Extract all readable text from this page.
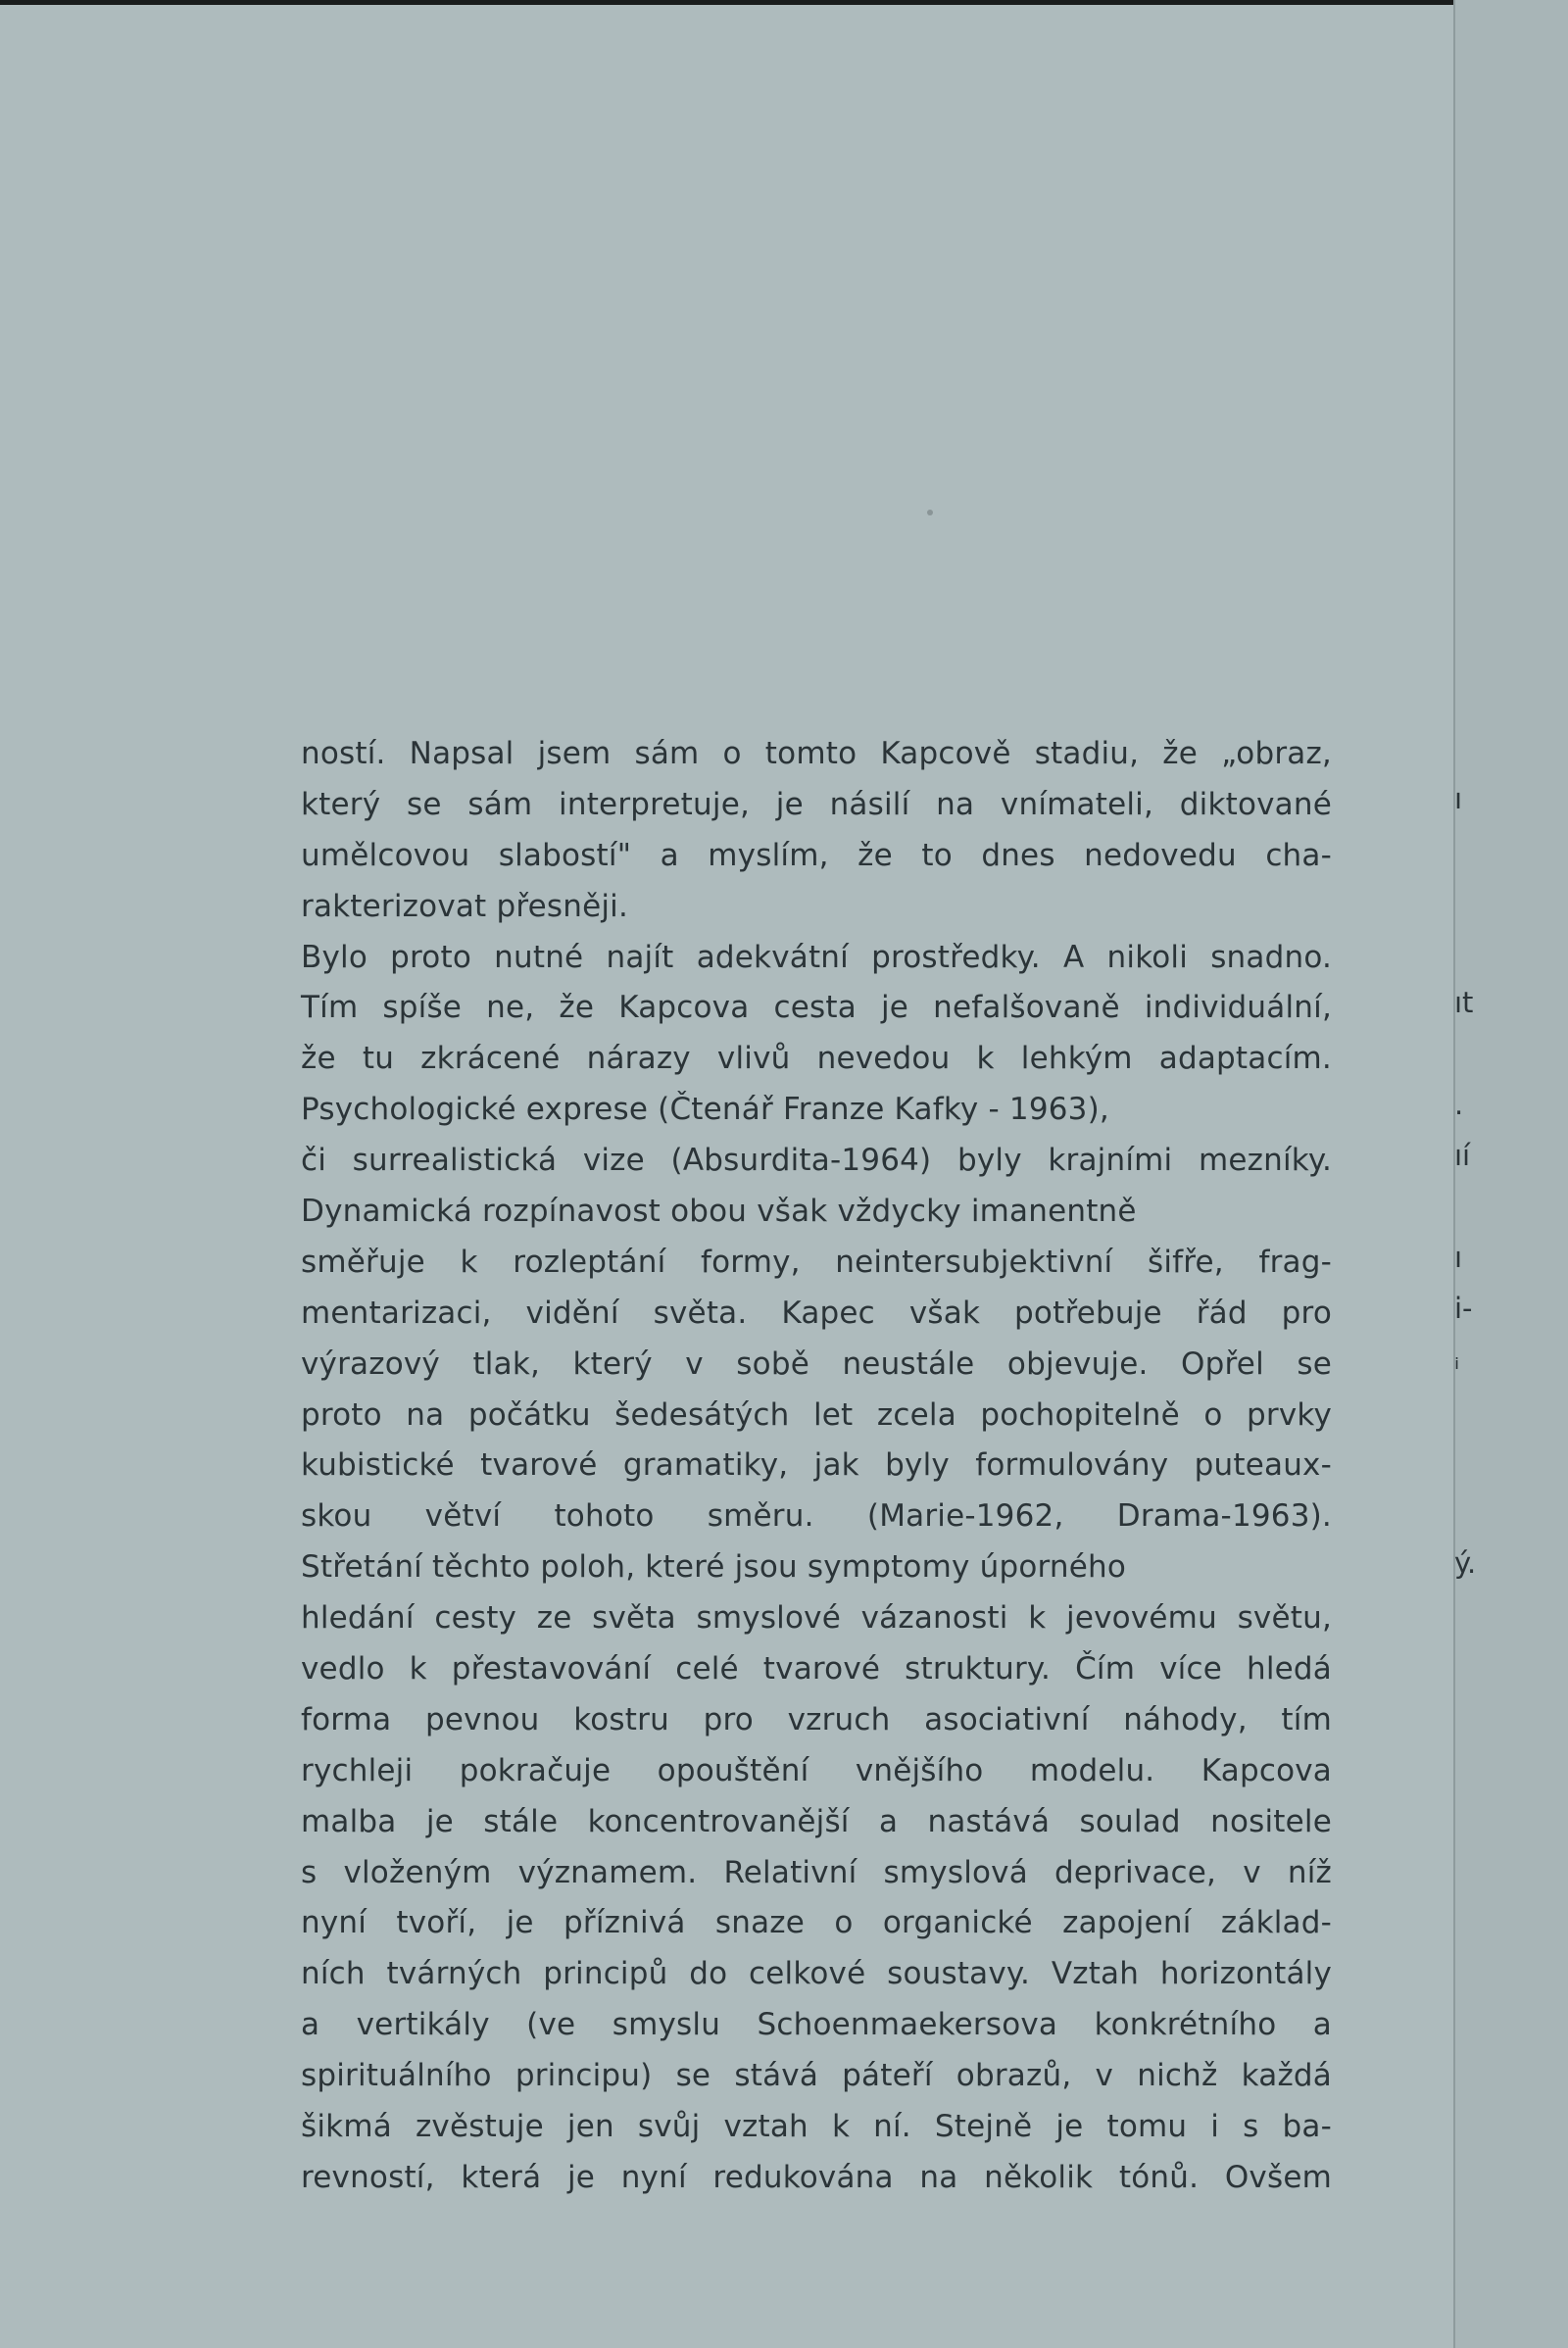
ností. Napsal jsem sám o tomto Kapcově stadiu, že „obraz,
který se sám interpretuje, je násilí na vnímateli, diktované
umělcovou slabostí" a myslím, že to dnes nedovedu cha-
rakterizovat přesněji.
Bylo proto nutné najít adekvátní prostředky. A nikoli snadno.
Tím spíše ne, že Kapcova cesta je nefalšovaně individuální,
že tu zkrácené nárazy vlivů nevedou k lehkým adaptacím.
Psychologické exprese (Čtenář Franze Kafky - 1963),
či surrealistická vize (Absurdita-1964) byly krajními mezníky.
Dynamická rozpínavost obou však vždycky imanentně
směřuje k rozleptání formy, neintersubjektivní šifře, frag-
mentarizaci, vidění světa. Kapec však potřebuje řád pro
výrazový tlak, který v sobě neustále objevuje. Opřel se
proto na počátku šedesátých let zcela pochopitelně o prvky
kubistické tvarové gramatiky, jak byly formulovány puteaux-
skou větví tohoto směru. (Marie-1962, Drama-1963).
Střetání těchto poloh, které jsou symptomy úporného
hledání cesty ze světa smyslové vázanosti k jevovému světu,
vedlo k přestavování celé tvarové struktury. Čím více hledá
forma pevnou kostru pro vzruch asociativní náhody, tím
rychleji pokračuje opouštění vnějšího modelu. Kapcova
malba je stále koncentrovanější a nastává soulad nositele
s vloženým významem. Relativní smyslová deprivace, v níž
nyní tvoří, je příznivá snaze o organické zapojení základ-
ních tvárných principů do celkové soustavy. Vztah horizontály
a vertikály (ve smyslu Schoenmaekersova konkrétního a
spirituálního principu) se stává páteří obrazů, v nichž každá
šikmá zvěstuje jen svůj vztah k ní. Stejně je tomu i s ba-
revností, která je nyní redukována na několik tónů. Ovšem
ı
ıt
.
ıí
ı
i-
ᵢ
ý.
